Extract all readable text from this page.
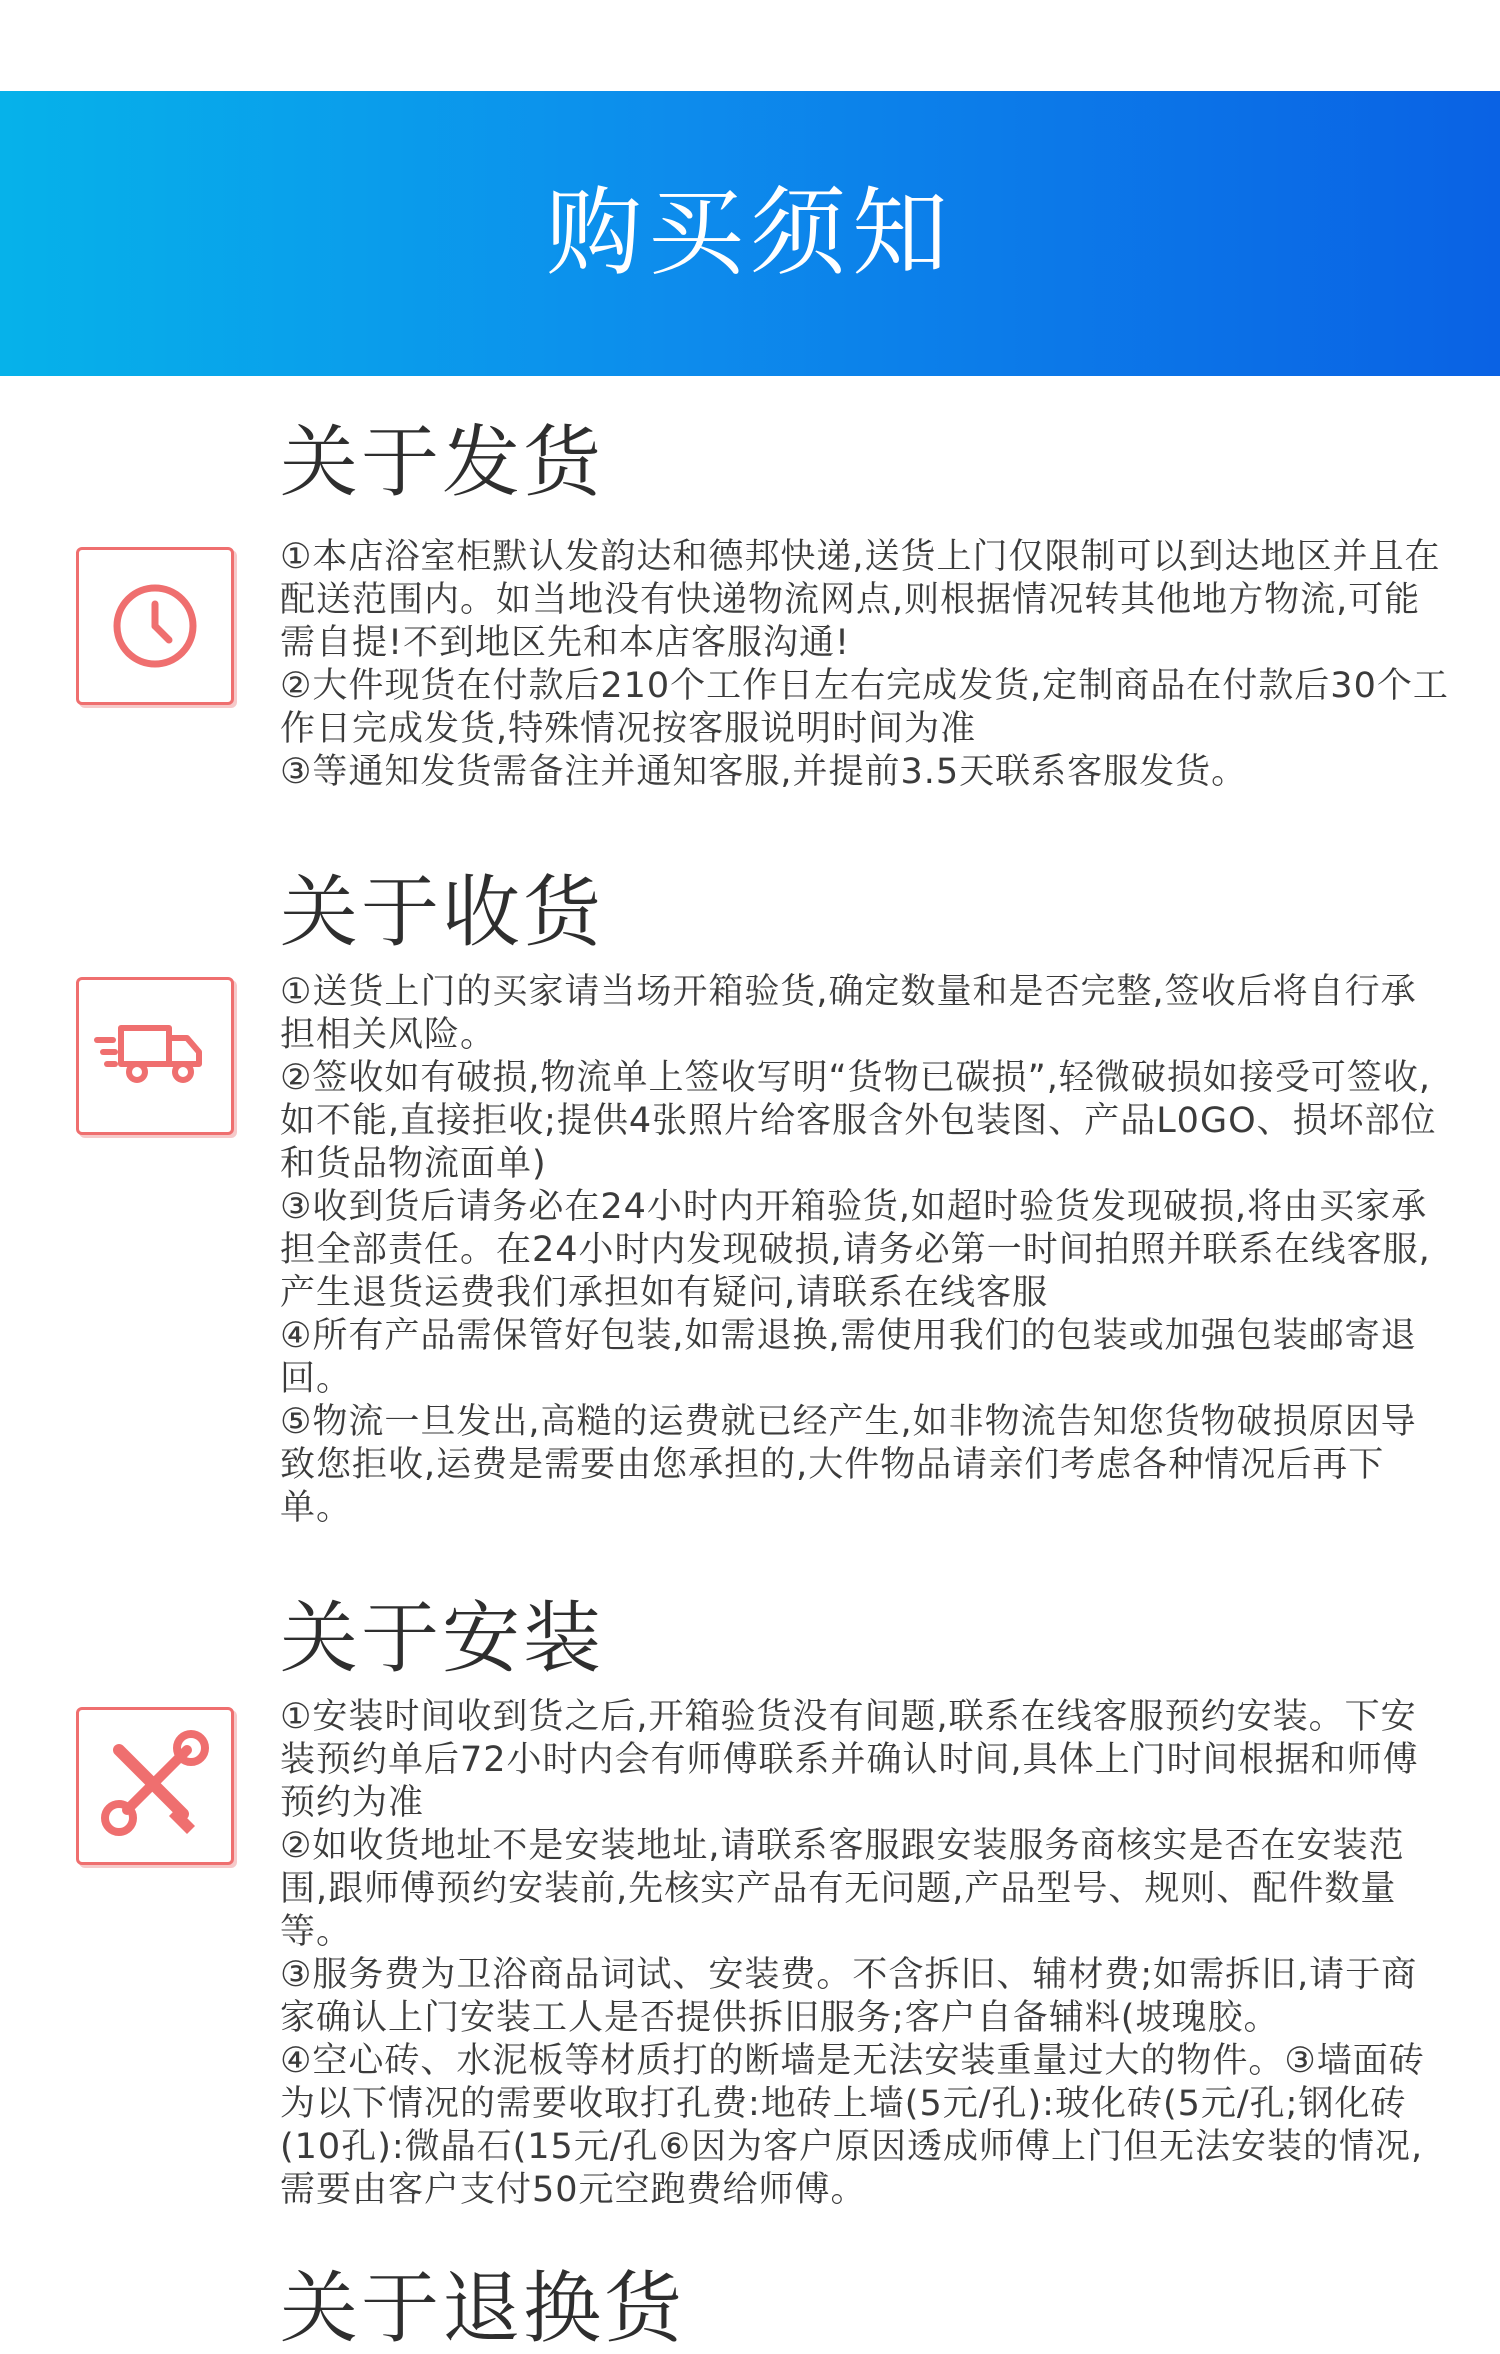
购买须知
关于发货

①本店浴室柜默认发韵达和德邦快递,送货上门仅限制可以到达地区并且在配送范围内。如当地没有快递物流网点,则根据情况转其他地方物流,可能需自提!不到地区先和本店客服沟通!

②大件现货在付款后210个工作日左右完成发货,定制商品在付款后30个工作日完成发货,特殊情况按客服说明时间为准

③等通知发货需备注并通知客服,并提前3.5天联系客服发货。

关于收货

①送货上门的买家请当场开箱验货,确定数量和是否完整,签收后将自行承担相关风险。

②签收如有破损,物流单上签收写明“货物已碳损”,轻微破损如接受可签收,如不能,直接拒收;提供4张照片给客服含外包装图、产品L0GO、损坏部位和货品物流面单)

③收到货后请务必在24小时内开箱验货,如超时验货发现破损,将由买家承担全部责任。在24小时内发现破损,请务必第一时间拍照并联系在线客服,产生退货运费我们承担如有疑问,请联系在线客服

④所有产品需保管好包装,如需退换,需使用我们的包装或加强包装邮寄退回。

⑤物流一旦发出,高糙的运费就已经产生,如非物流告知您货物破损原因导致您拒收,运费是需要由您承担的,大件物品请亲们考虑各种情况后再下单。

关于安装

①安装时间收到货之后,开箱验货没有间题,联系在线客服预约安装。下安装预约单后72小时内会有师傅联系并确认时间,具体上门时间根据和师傅预约为准

②如收货地址不是安装地址,请联系客服跟安装服务商核实是否在安装范围,跟师傅预约安装前,先核实产品有无问题,产品型号、规则、配件数量等。

③服务费为卫浴商品词试、安装费。不含拆旧、辅材费;如需拆旧,请于商家确认上门安装工人是否提供拆旧服务;客户自备辅料(坡瑰胶。

④空心砖、水泥板等材质打的断墙是无法安装重量过大的物件。③墙面砖为以下情况的需要收取打孔费:地砖上墙(5元/孔):玻化砖(5元/孔;钢化砖(10孔):微晶石(15元/孔⑥因为客户原因透成师傅上门但无法安装的情况,需要由客户支付50元空跑费给师傅。

关于退换货
